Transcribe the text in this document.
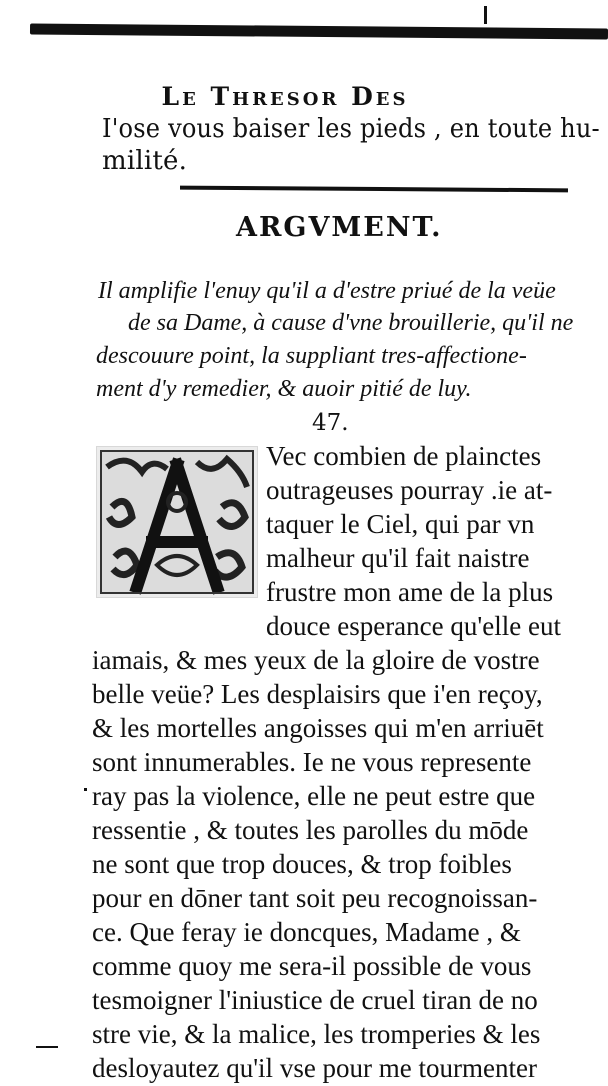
Le Thresor Des
I'ose vous baiser les pieds , en toute hu-
milité.
ARGVMENT.
Il amplifie l'enuy qu'il a d'estre priué de la veüe
de sa Dame, à cause d'vne brouillerie, qu'il ne
descouure point, la suppliant tres-affectione-
ment d'y remedier, & auoir pitié de luy.
47.
Vec combien de plainctes
outrageuses pourray .ie at-
taquer le Ciel, qui par vn
malheur qu'il fait naistre
frustre mon ame de la plus
douce esperance qu'elle eut
iamais, & mes yeux de la gloire de vostre
belle veüe? Les desplaisirs que i'en reçoy,
& les mortelles angoisses qui m'en arriuēt
sont innumerables. Ie ne vous represente
ray pas la violence, elle ne peut estre que
ressentie , & toutes les parolles du mōde
ne sont que trop douces, & trop foibles
pour en dōner tant soit peu recognoissan-
ce. Que feray ie doncques, Madame , &
comme quoy me sera-il possible de vous
tesmoigner l'iniustice de cruel tiran de no
stre vie, & la malice, les tromperies & les
desloyautez qu'il vse pour me tourmenter
